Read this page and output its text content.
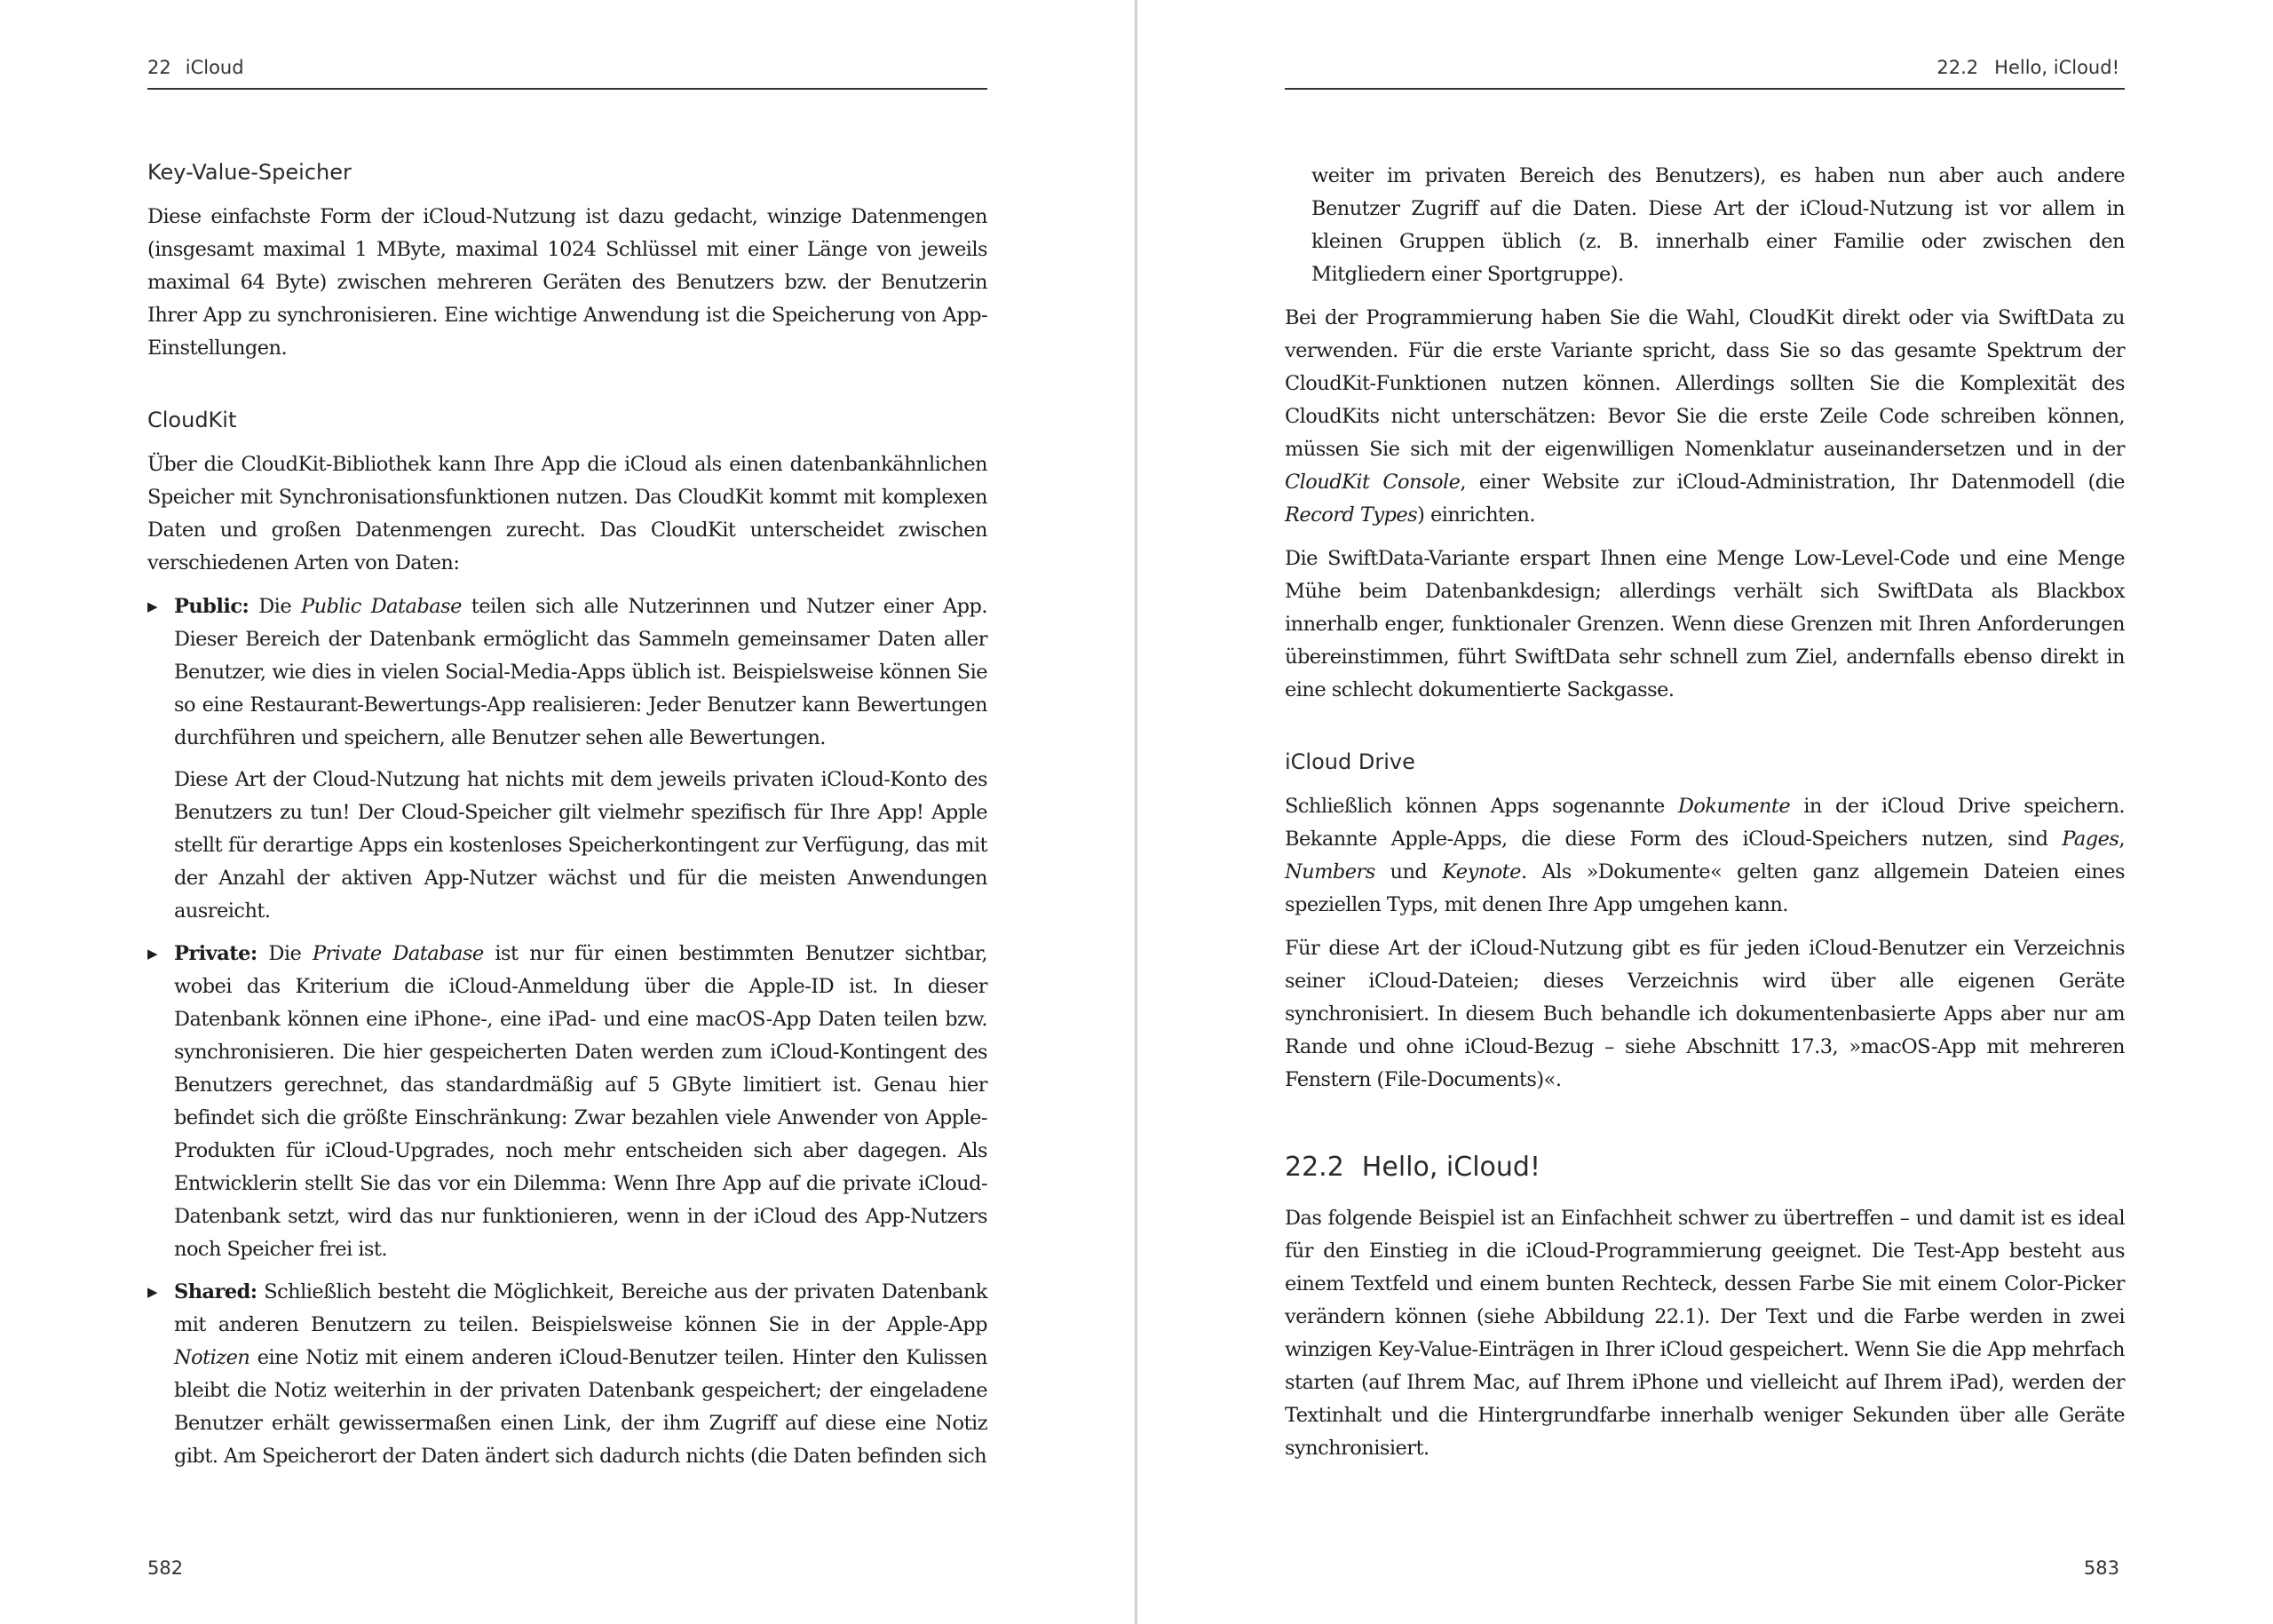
22 iCloud
Key-Value-Speicher

Diese einfachste Form der iCloud-Nutzung ist dazu gedacht, winzige Datenmengen (insgesamt maximal 1 MByte, maximal 1024 Schlüssel mit einer Länge von jeweils maximal 64 Byte) zwischen mehreren Geräten des Benutzers bzw. der Benutzerin Ihrer App zu synchronisieren. Eine wichtige Anwendung ist die Speicherung von App-Einstellungen.

CloudKit

Über die CloudKit-Bibliothek kann Ihre App die iCloud als einen datenbankähnlichen Speicher mit Synchronisationsfunktionen nutzen. Das CloudKit kommt mit komplexen Daten und großen Datenmengen zurecht. Das CloudKit unterscheidet zwischen verschiedenen Arten von Daten:

▶ Public: Die Public Database teilen sich alle Nutzerinnen und Nutzer einer App. Dieser Bereich der Datenbank ermöglicht das Sammeln gemeinsamer Daten aller Benutzer, wie dies in vielen Social-Media-Apps üblich ist. Beispielsweise können Sie so eine Restaurant-Bewertungs-App realisieren: Jeder Benutzer kann Bewertungen durchführen und speichern, alle Benutzer sehen alle Bewertungen.

Diese Art der Cloud-Nutzung hat nichts mit dem jeweils privaten iCloud-Konto des Benutzers zu tun! Der Cloud-Speicher gilt vielmehr spezifisch für Ihre App! Apple stellt für derartige Apps ein kostenloses Speicherkontingent zur Verfügung, das mit der Anzahl der aktiven App-Nutzer wächst und für die meisten Anwendungen ausreicht.

▶ Private: Die Private Database ist nur für einen bestimmten Benutzer sichtbar, wobei das Kriterium die iCloud-Anmeldung über die Apple-ID ist. In dieser Datenbank können eine iPhone-, eine iPad- und eine macOS-App Daten teilen bzw. synchronisieren. Die hier gespeicherten Daten werden zum iCloud-Kontingent des Benutzers gerechnet, das standardmäßig auf 5 GByte limitiert ist. Genau hier befindet sich die größte Einschränkung: Zwar bezahlen viele Anwender von Apple-Produkten für iCloud-Upgrades, noch mehr entscheiden sich aber dagegen. Als Entwicklerin stellt Sie das vor ein Dilemma: Wenn Ihre App auf die private iCloud-Datenbank setzt, wird das nur funktionieren, wenn in der iCloud des App-Nutzers noch Speicher frei ist.

▶ Shared: Schließlich besteht die Möglichkeit, Bereiche aus der privaten Datenbank mit anderen Benutzern zu teilen. Beispielsweise können Sie in der Apple-App Notizen eine Notiz mit einem anderen iCloud-Benutzer teilen. Hinter den Kulissen bleibt die Notiz weiterhin in der privaten Datenbank gespeichert; der eingeladene Benutzer erhält gewissermaßen einen Link, der ihm Zugriff auf diese eine Notiz gibt. Am Speicherort der Daten ändert sich dadurch nichts (die Daten befinden sich

582
22.2 Hello, iCloud!

weiter im privaten Bereich des Benutzers), es haben nun aber auch andere Benutzer Zugriff auf die Daten. Diese Art der iCloud-Nutzung ist vor allem in kleinen Gruppen üblich (z. B. innerhalb einer Familie oder zwischen den Mitgliedern einer Sportgruppe).

Bei der Programmierung haben Sie die Wahl, CloudKit direkt oder via SwiftData zu verwenden. Für die erste Variante spricht, dass Sie so das gesamte Spektrum der CloudKit-Funktionen nutzen können. Allerdings sollten Sie die Komplexität des CloudKits nicht unterschätzen: Bevor Sie die erste Zeile Code schreiben können, müssen Sie sich mit der eigenwilligen Nomenklatur auseinandersetzen und in der CloudKit Console, einer Website zur iCloud-Administration, Ihr Datenmodell (die Record Types) einrichten.

Die SwiftData-Variante erspart Ihnen eine Menge Low-Level-Code und eine Menge Mühe beim Datenbankdesign; allerdings verhält sich SwiftData als Blackbox innerhalb enger, funktionaler Grenzen. Wenn diese Grenzen mit Ihren Anforderungen übereinstimmen, führt SwiftData sehr schnell zum Ziel, andernfalls ebenso direkt in eine schlecht dokumentierte Sackgasse.

iCloud Drive

Schließlich können Apps sogenannte Dokumente in der iCloud Drive speichern. Bekannte Apple-Apps, die diese Form des iCloud-Speichers nutzen, sind Pages, Numbers und Keynote. Als »Dokumente« gelten ganz allgemein Dateien eines speziellen Typs, mit denen Ihre App umgehen kann.

Für diese Art der iCloud-Nutzung gibt es für jeden iCloud-Benutzer ein Verzeichnis seiner iCloud-Dateien; dieses Verzeichnis wird über alle eigenen Geräte synchronisiert. In diesem Buch behandle ich dokumentenbasierte Apps aber nur am Rande und ohne iCloud-Bezug – siehe Abschnitt 17.3, »macOS-App mit mehreren Fenstern (File-Documents)«.

22.2 Hello, iCloud!

Das folgende Beispiel ist an Einfachheit schwer zu übertreffen – und damit ist es ideal für den Einstieg in die iCloud-Programmierung geeignet. Die Test-App besteht aus einem Textfeld und einem bunten Rechteck, dessen Farbe Sie mit einem Color-Picker verändern können (siehe Abbildung 22.1). Der Text und die Farbe werden in zwei winzigen Key-Value-Einträgen in Ihrer iCloud gespeichert. Wenn Sie die App mehrfach starten (auf Ihrem Mac, auf Ihrem iPhone und vielleicht auf Ihrem iPad), werden der Textinhalt und die Hintergrundfarbe innerhalb weniger Sekunden über alle Geräte synchronisiert.

583
